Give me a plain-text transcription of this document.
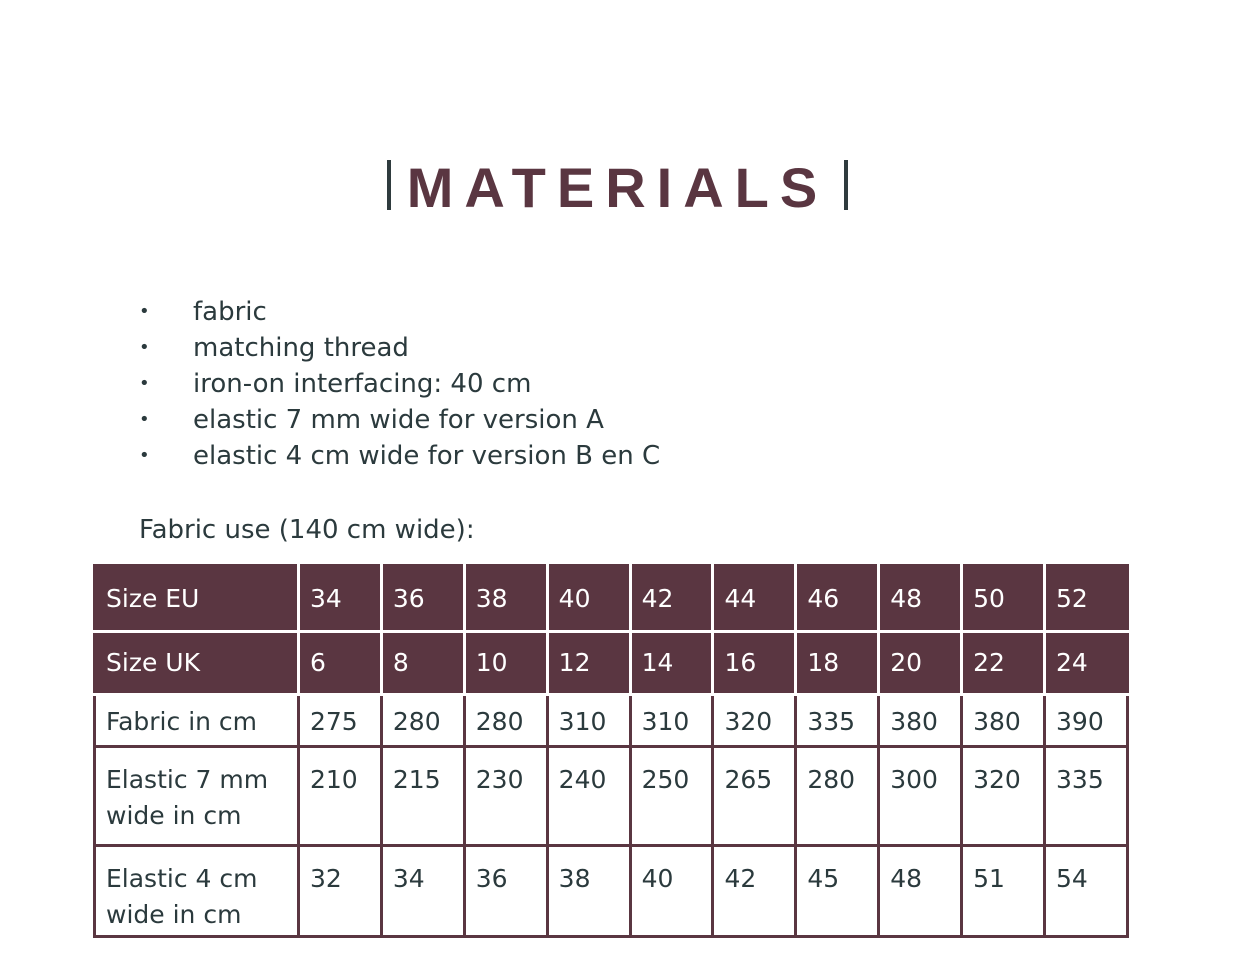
MATERIALS
• fabric
• matching thread
• iron-on interfacing: 40 cm
• elastic 7 mm wide for version A
• elastic 4 cm wide for version B en C
Fabric use (140 cm wide):
Size EU	34	36	38	40	42	44	46	48	50	52
Size UK	6	8	10	12	14	16	18	20	22	24
Fabric in cm	275	280	280	310	310	320	335	380	380	390
Elastic 7 mm wide in cm	210	215	230	240	250	265	280	300	320	335
Elastic 4 cm wide in cm	32	34	36	38	40	42	45	48	51	54
